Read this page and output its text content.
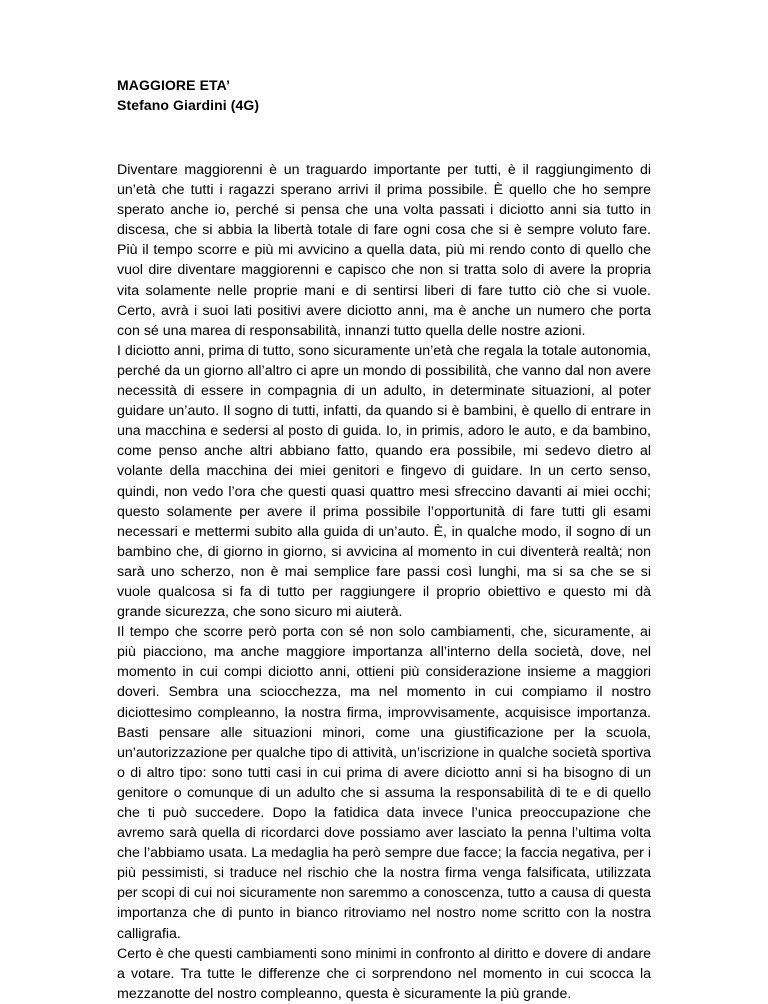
MAGGIORE ETA’
Stefano Giardini (4G)

Diventare maggiorenni è un traguardo importante per tutti, è il raggiungimento di un’età che tutti i ragazzi sperano arrivi il prima possibile. È quello che ho sempre sperato anche io, perché si pensa che una volta passati i diciotto anni sia tutto in discesa, che si abbia la libertà totale di fare ogni cosa che si è sempre voluto fare. Più il tempo scorre e più mi avvicino a quella data, più mi rendo conto di quello che vuol dire diventare maggiorenni e capisco che non si tratta solo di avere la propria vita solamente nelle proprie mani e di sentirsi liberi di fare tutto ciò che si vuole. Certo, avrà i suoi lati positivi avere diciotto anni, ma è anche un numero che porta con sé una marea di responsabilità, innanzi tutto quella delle nostre azioni.

I diciotto anni, prima di tutto, sono sicuramente un’età che regala la totale autonomia, perché da un giorno all’altro ci apre un mondo di possibilità, che vanno dal non avere necessità di essere in compagnia di un adulto, in determinate situazioni, al poter guidare un’auto. Il sogno di tutti, infatti, da quando si è bambini, è quello di entrare in una macchina e sedersi al posto di guida. Io, in primis, adoro le auto, e da bambino, come penso anche altri abbiano fatto, quando era possibile, mi sedevo dietro al volante della macchina dei miei genitori e fingevo di guidare. In un certo senso, quindi, non vedo l’ora che questi quasi quattro mesi sfreccino davanti ai miei occhi; questo solamente per avere il prima possibile l’opportunità di fare tutti gli esami necessari e mettermi subito alla guida di un’auto. È, in qualche modo, il sogno di un bambino che, di giorno in giorno, si avvicina al momento in cui diventerà realtà; non sarà uno scherzo, non è mai semplice fare passi così lunghi, ma si sa che se si vuole qualcosa si fa di tutto per raggiungere il proprio obiettivo e questo mi dà grande sicurezza, che sono sicuro mi aiuterà.

Il tempo che scorre però porta con sé non solo cambiamenti, che, sicuramente, ai più piacciono, ma anche maggiore importanza all’interno della società, dove, nel momento in cui compi diciotto anni, ottieni più considerazione insieme a maggiori doveri. Sembra una sciocchezza, ma nel momento in cui compiamo il nostro diciottesimo compleanno, la nostra firma, improvvisamente, acquisisce importanza. Basti pensare alle situazioni minori, come una giustificazione per la scuola, un’autorizzazione per qualche tipo di attività, un’iscrizione in qualche società sportiva o di altro tipo: sono tutti casi in cui prima di avere diciotto anni si ha bisogno di un genitore o comunque di un adulto che si assuma la responsabilità di te e di quello che ti può succedere. Dopo la fatidica data invece l’unica preoccupazione che avremo sarà quella di ricordarci dove possiamo aver lasciato la penna l’ultima volta che l’abbiamo usata. La medaglia ha però sempre due facce; la faccia negativa, per i più pessimisti, si traduce nel rischio che la nostra firma venga falsificata, utilizzata per scopi di cui noi sicuramente non saremmo a conoscenza, tutto a causa di questa importanza che di punto in bianco ritroviamo nel nostro nome scritto con la nostra calligrafia.

Certo è che questi cambiamenti sono minimi in confronto al diritto e dovere di andare a votare. Tra tutte le differenze che ci sorprendono nel momento in cui scocca la mezzanotte del nostro compleanno, questa è sicuramente la più grande.
